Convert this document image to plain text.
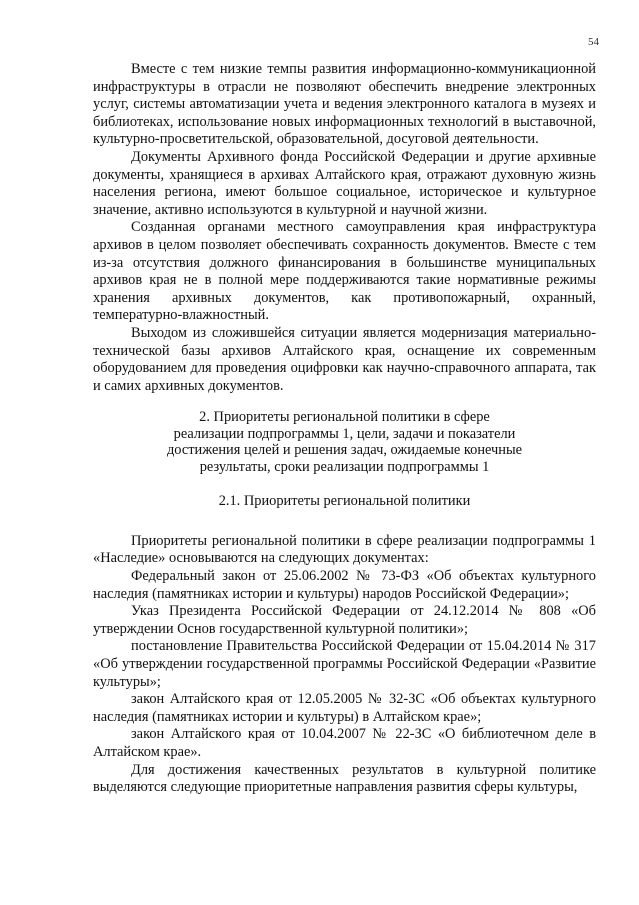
54

Вместе с тем низкие темпы развития информационно-коммуникационной инфраструктуры в отрасли не позволяют обеспечить внедрение электронных услуг, системы автоматизации учета и ведения электронного каталога в музеях и библиотеках, использование новых информационных технологий в выставочной, культурно-просветительской, образовательной, досуговой деятельности.

Документы Архивного фонда Российской Федерации и другие архивные документы, хранящиеся в архивах Алтайского края, отражают духовную жизнь населения региона, имеют большое социальное, историческое и культурное значение, активно используются в культурной и научной жизни.

Созданная органами местного самоуправления края инфраструктура архивов в целом позволяет обеспечивать сохранность документов. Вместе с тем из-за отсутствия должного финансирования в большинстве муниципальных архивов края не в полной мере поддерживаются такие нормативные режимы хранения архивных документов, как противопожарный, охранный, температурно-влажностный.

Выходом из сложившейся ситуации является модернизация материально-технической базы архивов Алтайского края, оснащение их современным оборудованием для проведения оцифровки как научно-справочного аппарата, так и самих архивных документов.

2. Приоритеты региональной политики в сфере
реализации подпрограммы 1, цели, задачи и показатели
достижения целей и решения задач, ожидаемые конечные
результаты, сроки реализации подпрограммы 1
2.1. Приоритеты региональной политики

Приоритеты региональной политики в сфере реализации подпрограммы 1 «Наследие» основываются на следующих документах:

Федеральный закон от 25.06.2002 № 73-ФЗ «Об объектах культурного наследия (памятниках истории и культуры) народов Российской Федерации»;

Указ Президента Российской Федерации от 24.12.2014 № 808 «Об утверждении Основ государственной культурной политики»;

постановление Правительства Российской Федерации от 15.04.2014 № 317 «Об утверждении государственной программы Российской Федерации «Развитие культуры»;

закон Алтайского края от 12.05.2005 № 32-ЗС «Об объектах культурного наследия (памятниках истории и культуры) в Алтайском крае»;

закон Алтайского края от 10.04.2007 № 22-ЗС «О библиотечном деле в Алтайском крае».

Для достижения качественных результатов в культурной политике выделяются следующие приоритетные направления развития сферы культуры,
